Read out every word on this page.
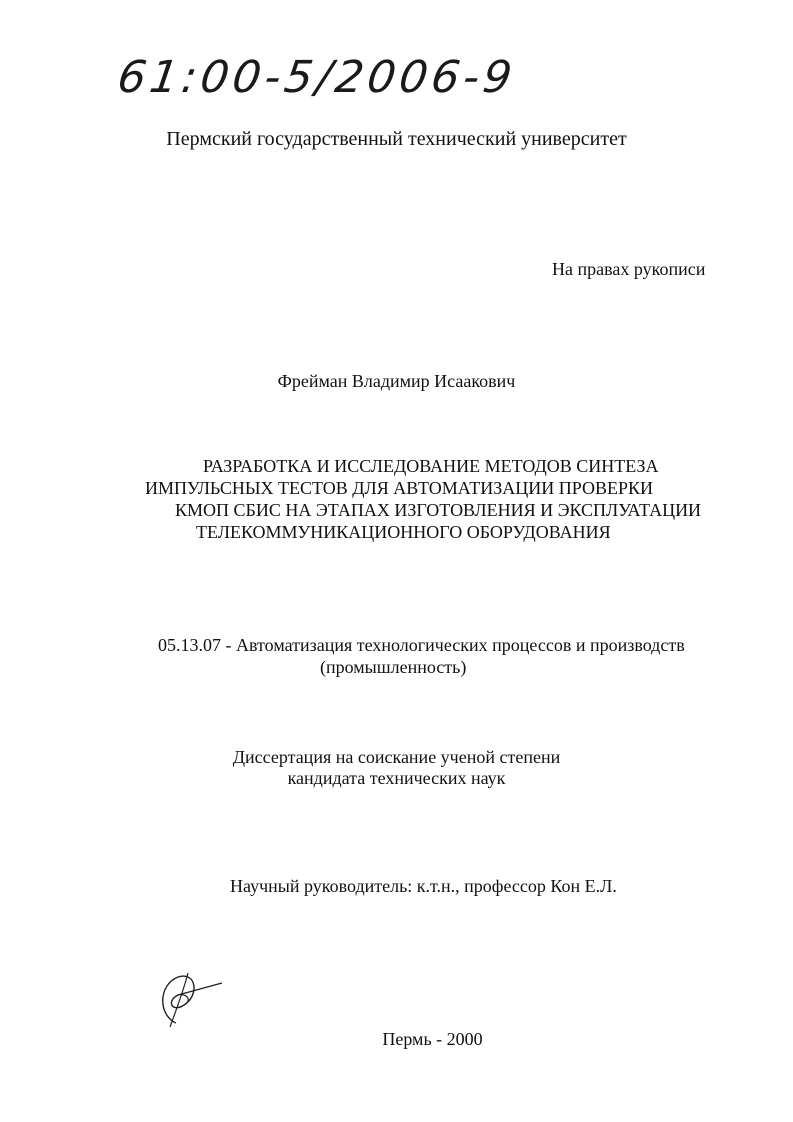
61:00-5/2006-9
Пермский государственный технический университет
На правах рукописи
Фрейман Владимир Исаакович
РАЗРАБОТКА И ИССЛЕДОВАНИЕ МЕТОДОВ СИНТЕЗА
ИМПУЛЬСНЫХ ТЕСТОВ ДЛЯ АВТОМАТИЗАЦИИ ПРОВЕРКИ
КМОП СБИС НА ЭТАПАХ ИЗГОТОВЛЕНИЯ И ЭКСПЛУАТАЦИИ
ТЕЛЕКОММУНИКАЦИОННОГО ОБОРУДОВАНИЯ
05.13.07 - Автоматизация технологических процессов и производств
(промышленность)
Диссертация на соискание ученой степени
кандидата технических наук
Научный руководитель: к.т.н., профессор Кон Е.Л.
Пермь - 2000
